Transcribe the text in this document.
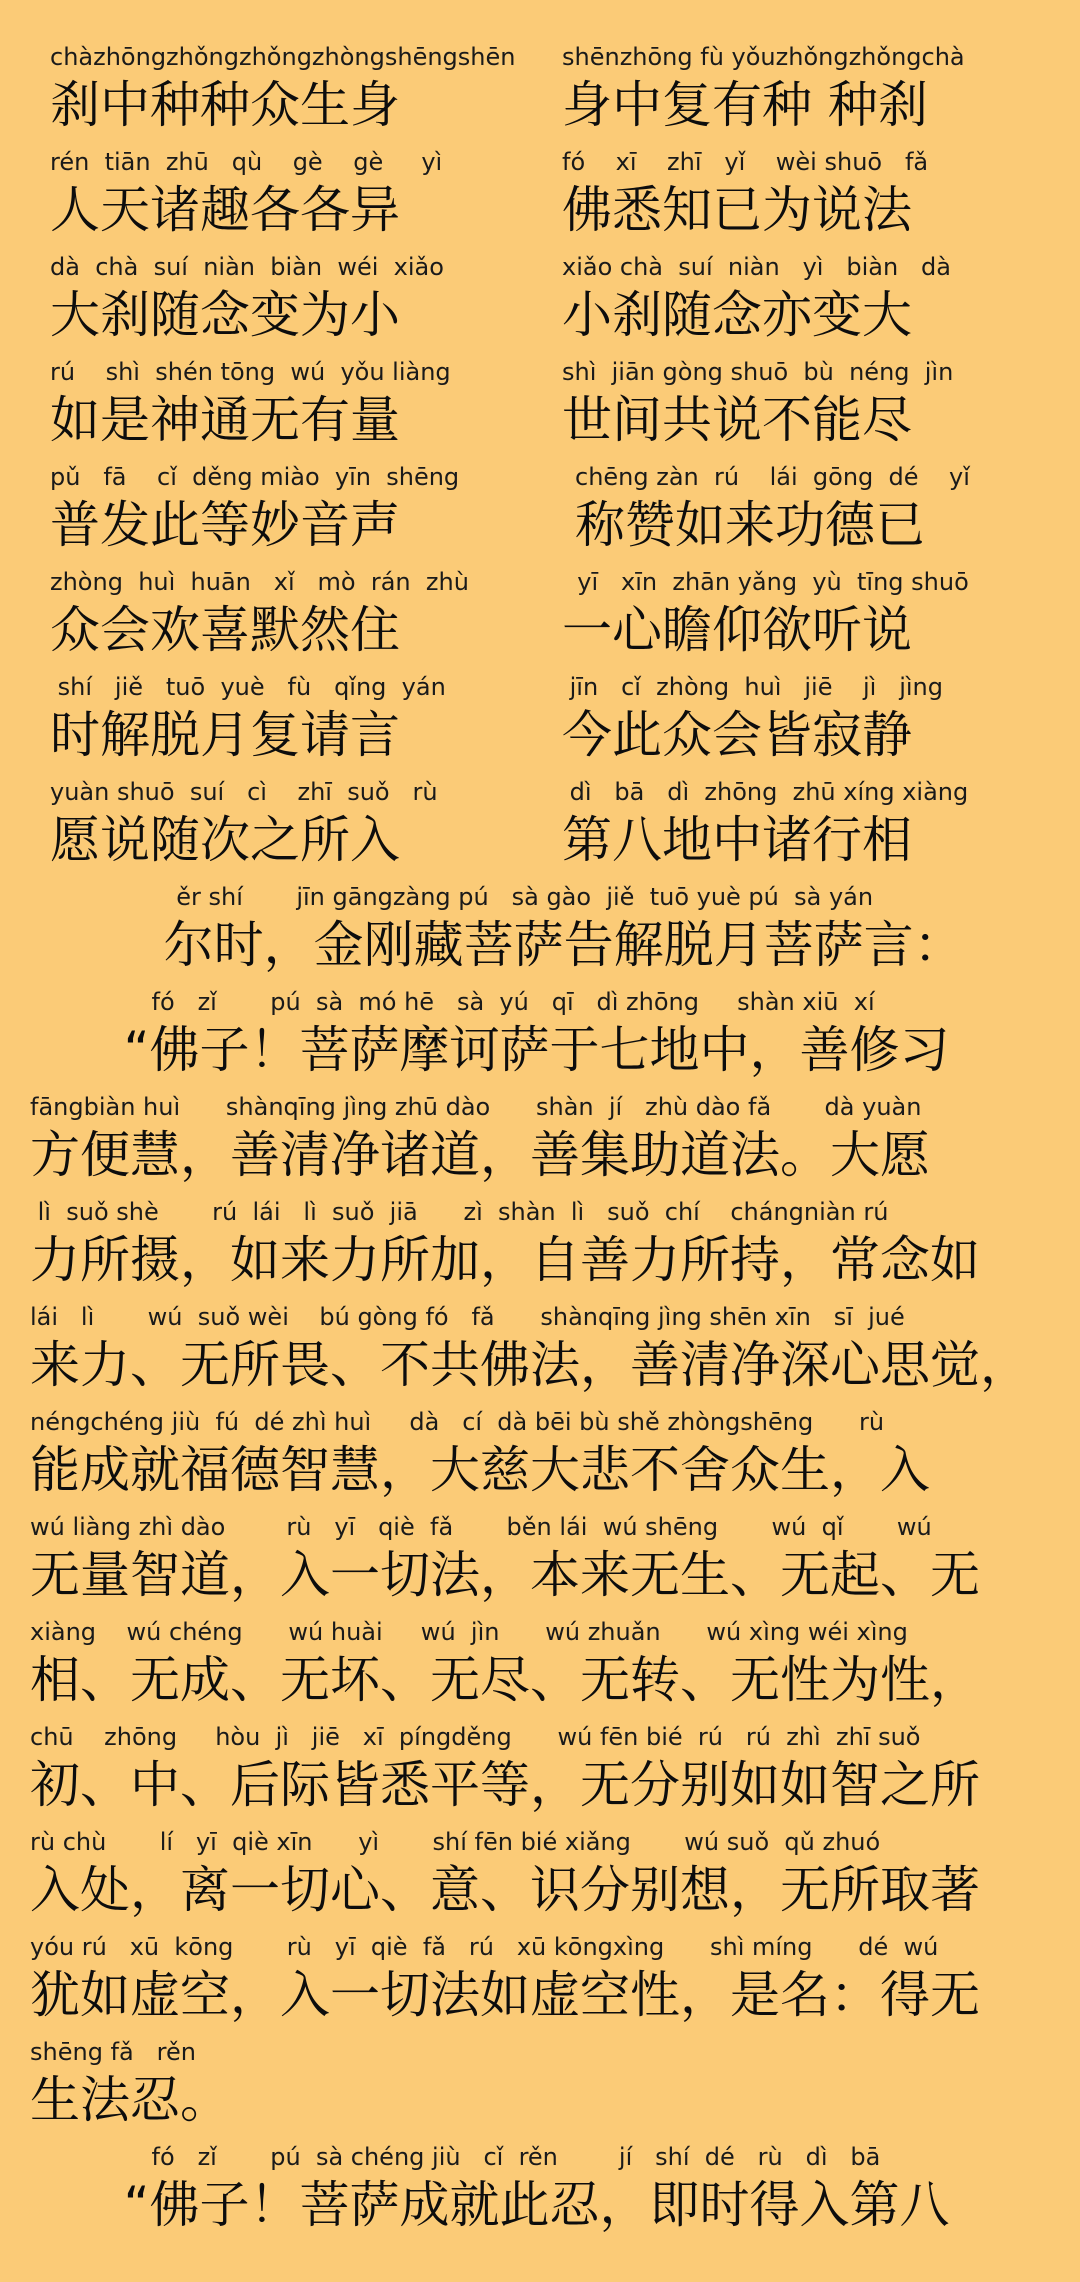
chàzhōngzhǒngzhǒngzhòngshēngshēn
刹中种种众生身
shēnzhōng fù yǒuzhǒngzhǒngchà
身中复有种 种刹
rén  tiān  zhū   qù    gè    gè     yì
人天诸趣各各异
fó    xī    zhī   yǐ    wèi shuō   fǎ
佛悉知已为说法
dà  chà  suí  niàn  biàn  wéi  xiǎo
大刹随念变为小
xiǎo chà  suí  niàn   yì   biàn   dà
小刹随念亦变大
rú    shì  shén tōng  wú  yǒu liàng
如是神通无有量
shì  jiān gòng shuō  bù  néng  jìn
世间共说不能尽
pǔ   fā    cǐ  děng miào  yīn  shēng
普发此等妙音声
chēng zàn  rú    lái  gōng  dé    yǐ
称赞如来功德已
zhòng  huì  huān   xǐ   mò  rán  zhù
众会欢喜默然住
yī   xīn  zhān yǎng  yù  tīng shuō
一心瞻仰欲听说
shí   jiě   tuō  yuè   fù   qǐng  yán
时解脱月复请言
jīn   cǐ  zhòng  huì   jiē    jì   jìng
今此众会皆寂静
yuàn shuō  suí   cì    zhī  suǒ   rù
愿说随次之所入
dì   bā   dì  zhōng  zhū xíng xiàng
第八地中诸行相
ěr shí       jīn gāngzàng pú   sà gào  jiě  tuō yuè pú  sà yán
尔时，金刚藏菩萨告解脱月菩萨言：
fó   zǐ       pú  sà  mó hē   sà  yú   qī   dì zhōng     shàn xiū  xí
“佛子！菩萨摩诃萨于七地中，善修习
fāngbiàn huì      shànqīng jìng zhū dào      shàn  jí   zhù dào fǎ       dà yuàn
方便慧，善清净诸道，善集助道法。大愿
lì  suǒ shè       rú  lái   lì  suǒ  jiā      zì  shàn  lì   suǒ  chí    chángniàn rú
力所摄，如来力所加，自善力所持，常念如
lái   lì       wú  suǒ wèi    bú gòng fó   fǎ      shànqīng jìng shēn xīn   sī  jué
来力、无所畏、不共佛法，善清净深心思觉，
néngchéng jiù  fú  dé zhì huì     dà   cí  dà bēi bù shě zhòngshēng      rù
能成就福德智慧，大慈大悲不舍众生，入
wú liàng zhì dào        rù   yī   qiè  fǎ       běn lái  wú shēng       wú  qǐ       wú
无量智道，入一切法，本来无生、无起、无
xiàng    wú chéng      wú huài     wú  jìn      wú zhuǎn      wú xìng wéi xìng
相、无成、无坏、无尽、无转、无性为性，
chū    zhōng     hòu  jì   jiē   xī  píngděng      wú fēn bié  rú   rú  zhì  zhī suǒ
初、中、后际皆悉平等，无分别如如智之所
rù chù       lí   yī  qiè xīn      yì       shí fēn bié xiǎng       wú suǒ  qǔ zhuó
入处，离一切心、意、识分别想，无所取著
yóu rú   xū  kōng       rù   yī  qiè  fǎ   rú   xū kōngxìng      shì míng      dé  wú
犹如虚空，入一切法如虚空性，是名：得无
shēng fǎ   rěn
生法忍。
fó   zǐ       pú  sà chéng jiù   cǐ  rěn        jí   shí  dé   rù   dì   bā
“佛子！菩萨成就此忍，即时得入第八
